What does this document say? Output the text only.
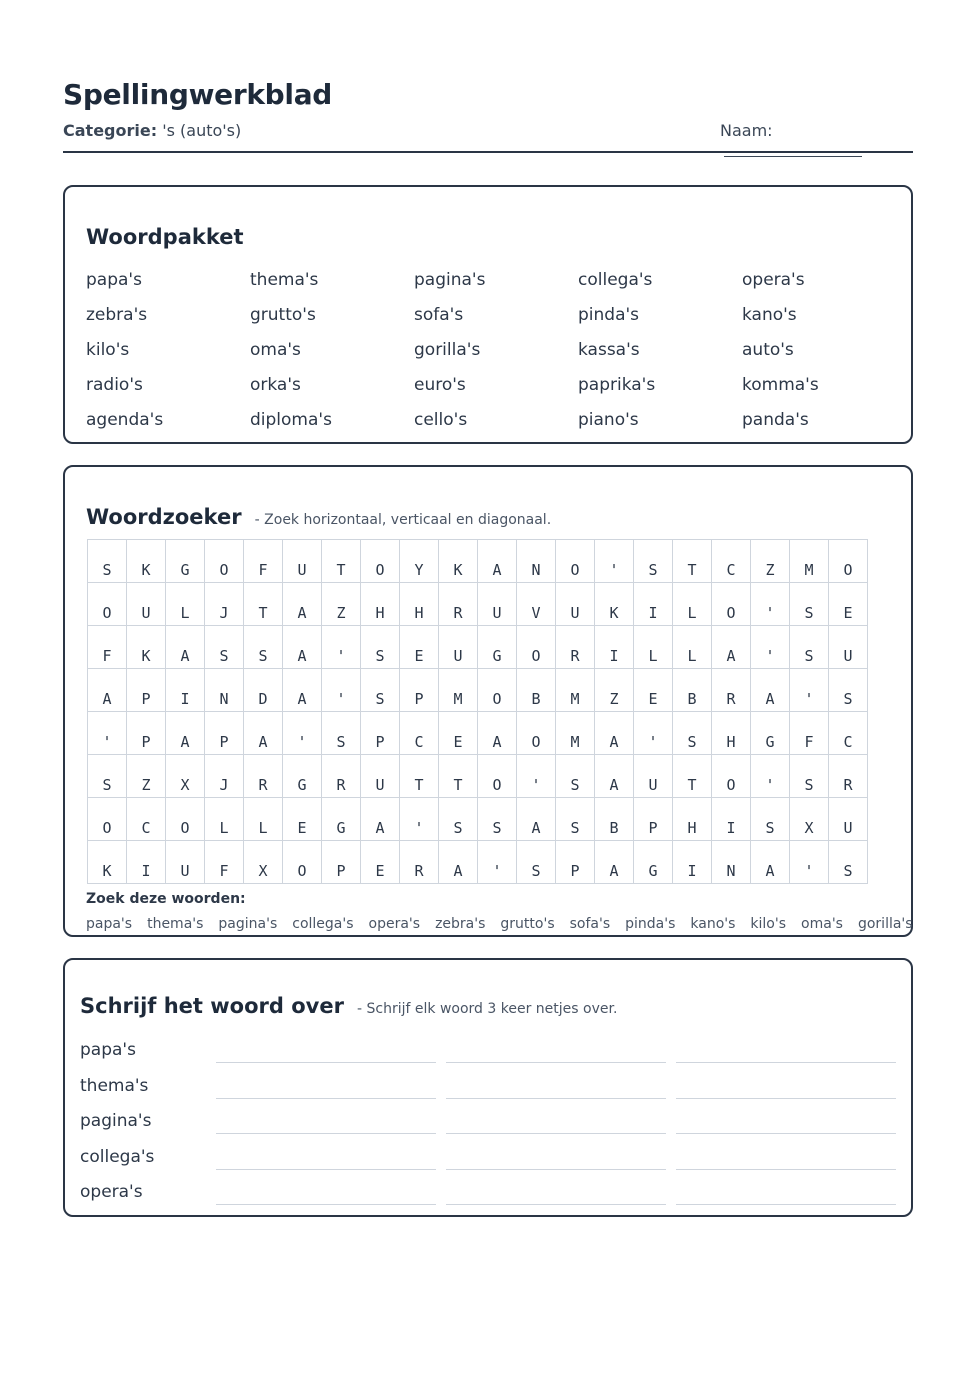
Spellingwerkblad
Categorie: 's (auto's)	Naam:
Woordpakket
papa's	thema's	pagina's	collega's	opera's
zebra's	grutto's	sofa's	pinda's	kano's
kilo's	oma's	gorilla's	kassa's	auto's
radio's	orka's	euro's	paprika's	komma's
agenda's	diploma's	cello's	piano's	panda's
Woordzoeker - Zoek horizontaal, verticaal en diagonaal.
S	K	G	O	F	U	T	O	Y	K	A	N	O	'	S	T	C	Z	M	O
O	U	L	J	T	A	Z	H	H	R	U	V	U	K	I	L	O	'	S	E
F	K	A	S	S	A	'	S	E	U	G	O	R	I	L	L	A	'	S	U
A	P	I	N	D	A	'	S	P	M	O	B	M	Z	E	B	R	A	'	S
'	P	A	P	A	'	S	P	C	E	A	O	M	A	'	S	H	G	F	C
S	Z	X	J	R	G	R	U	T	T	O	'	S	A	U	T	O	'	S	R
O	C	O	L	L	E	G	A	'	S	S	A	S	B	P	H	I	S	X	U
K	I	U	F	X	O	P	E	R	A	'	S	P	A	G	I	N	A	'	S
Zoek deze woorden:
papa's thema's pagina's collega's opera's zebra's grutto's sofa's pinda's kano's kilo's oma's gorilla's
Schrijf het woord over - Schrijf elk woord 3 keer netjes over.
papa's
thema's
pagina's
collega's
opera's
